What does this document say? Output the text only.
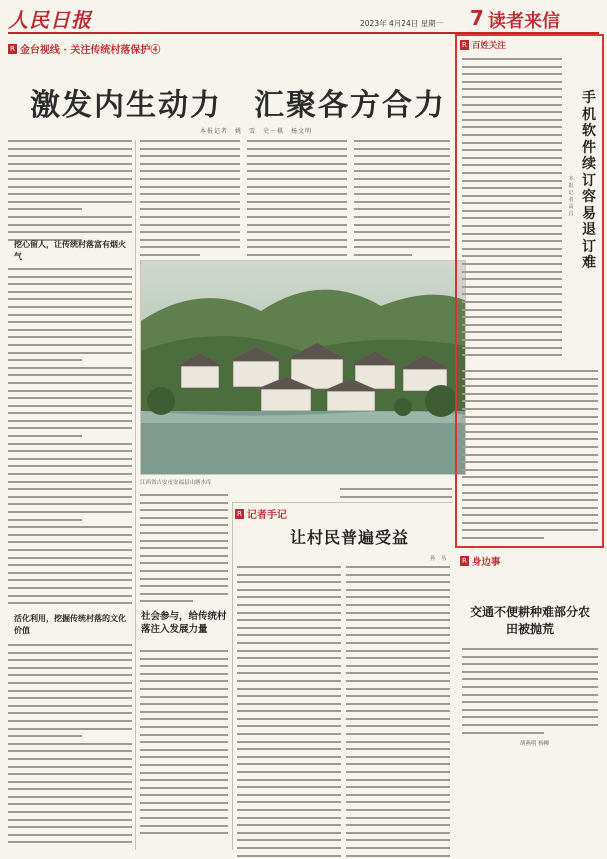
人民日报	2023年 4月24日 星期一 7 读者来信
R 金台视线 · 关注传统村落保护④
激发内生动力　汇聚各方合力
本报记者　姚　雪　史一棋　杨文明
挖心留人，让传统村落富有烟火气
活化利用，挖掘传统村落的文化价值
江西省吉安市安福县山塘水库
社会参与，给传统村落注入发展力量
R 记者手记
让村民普遍受益
孙　丛
R 百姓关注
手机软件续订容易退订难
本报记者　高　昌
R 身边事
交通不便耕种难部分农田被抛荒
胡燕明 杨柳
